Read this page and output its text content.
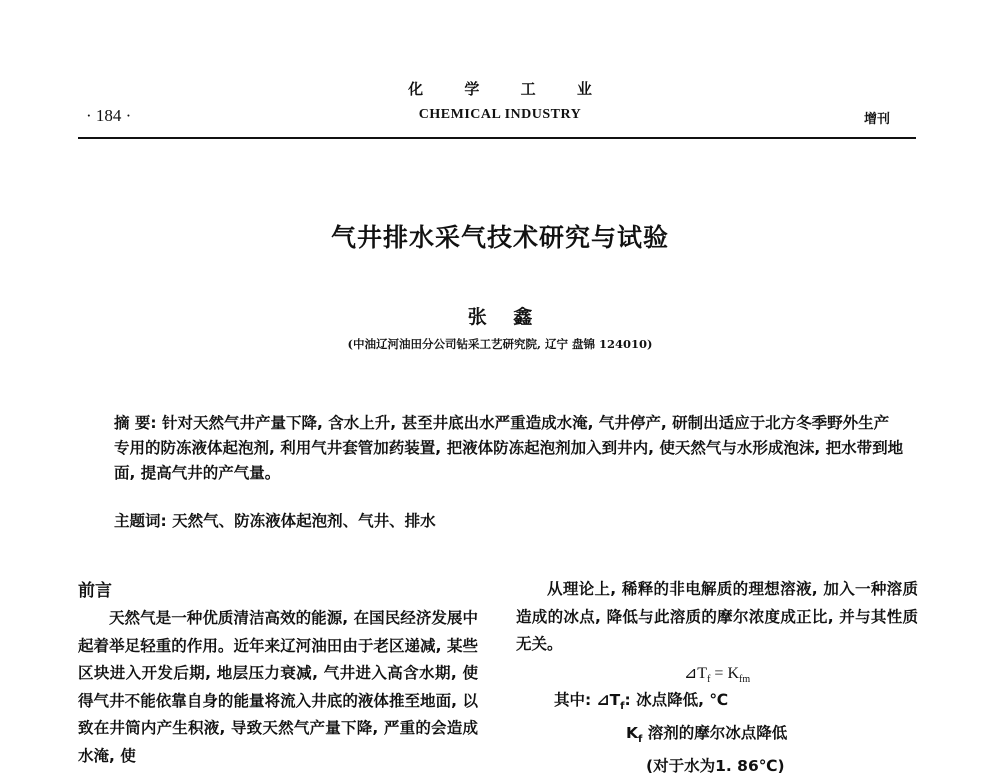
化 学 工 业
· 184 ·	CHEMICAL INDUSTRY	增刊
气井排水采气技术研究与试验
张 鑫
(中油辽河油田分公司钻采工艺研究院, 辽宁 盘锦 124010)
摘 要: 针对天然气井产量下降, 含水上升, 甚至井底出水严重造成水淹, 气井停产, 研制出适应于北方冬季野外生产专用的防冻液体起泡剂, 利用气井套管加药装置, 把液体防冻起泡剂加入到井内, 使天然气与水形成泡沫, 把水带到地面, 提高气井的产气量。
主题词: 天然气、防冻液体起泡剂、气井、排水
前言

天然气是一种优质清洁高效的能源, 在国民经济发展中起着举足轻重的作用。近年来辽河油田由于老区递减, 某些区块进入开发后期, 地层压力衰减, 气井进入高含水期, 使得气井不能依靠自身的能量将流入井底的液体推至地面, 以致在井筒内产生积液, 导致天然气产量下降, 严重的会造成水淹, 使

从理论上, 稀释的非电解质的理想溶液, 加入一种溶质造成的冰点, 降低与此溶质的摩尔浓度成正比, 并与其性质无关。

$⊿T_f = K_{fm}$
其中: $⊿T_f$: 冰点降低, ℃
$K_f$ 溶剂的摩尔冰点降低
(对于水为1. 86℃)
